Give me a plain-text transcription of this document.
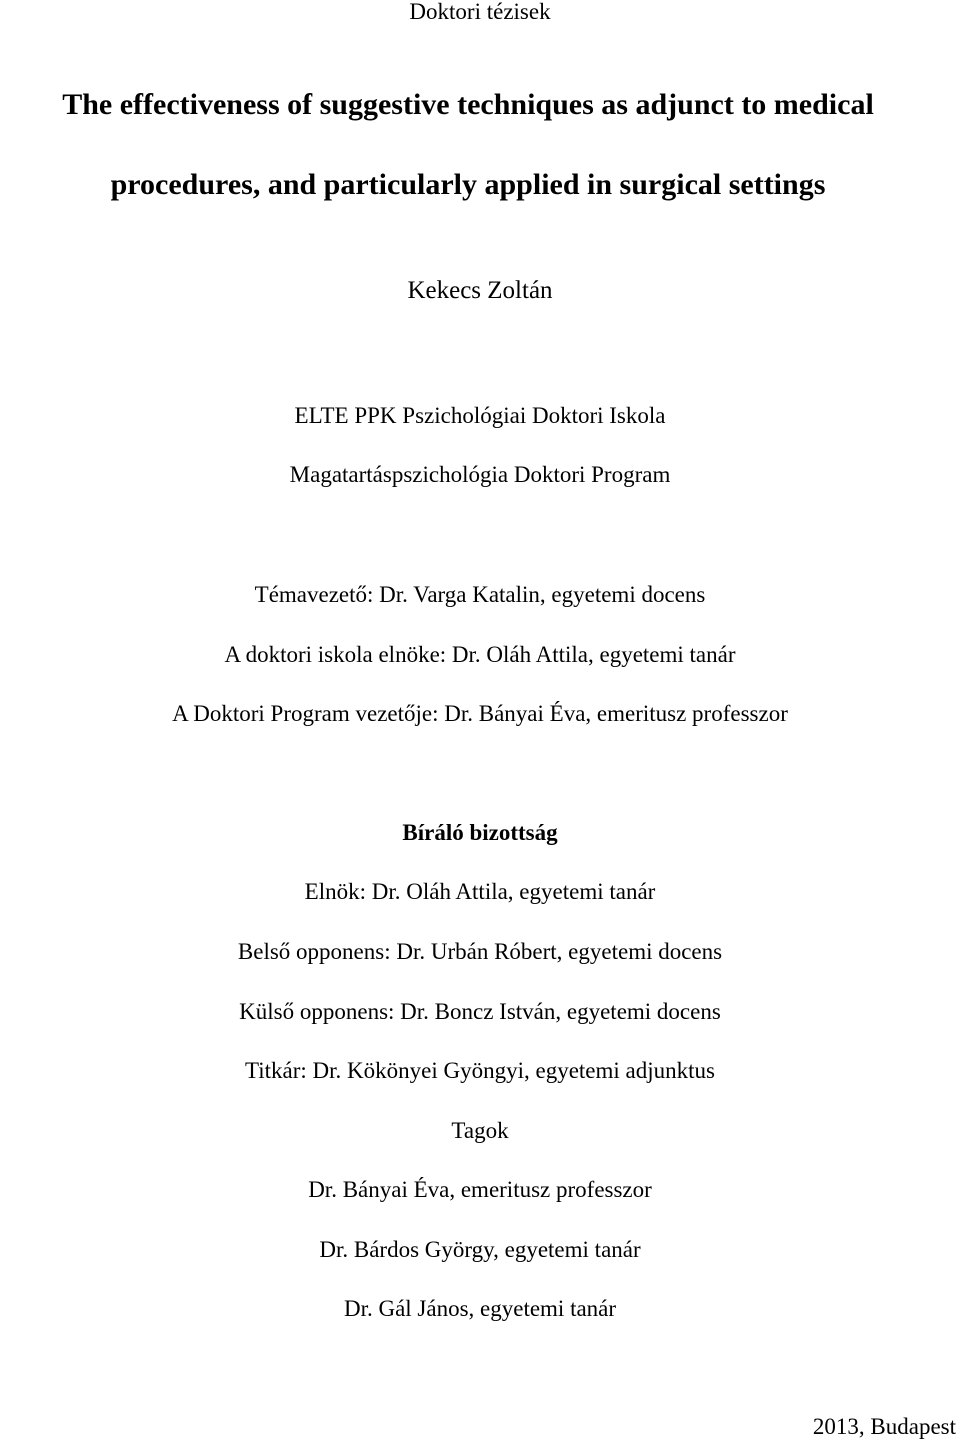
Doktori tézisek
The effectiveness of suggestive techniques as adjunct to medical
procedures, and particularly applied in surgical settings
Kekecs Zoltán
ELTE PPK Pszichológiai Doktori Iskola
Magatartáspszichológia Doktori Program
Témavezető: Dr. Varga Katalin, egyetemi docens
A doktori iskola elnöke: Dr. Oláh Attila, egyetemi tanár
A Doktori Program vezetője: Dr. Bányai Éva, emeritusz professzor
Bíráló bizottság
Elnök: Dr. Oláh Attila, egyetemi tanár
Belső opponens: Dr. Urbán Róbert, egyetemi docens
Külső opponens: Dr. Boncz István, egyetemi docens
Titkár: Dr. Kökönyei Gyöngyi, egyetemi adjunktus
Tagok
Dr. Bányai Éva, emeritusz professzor
Dr. Bárdos György, egyetemi tanár
Dr. Gál János, egyetemi tanár
2013, Budapest
